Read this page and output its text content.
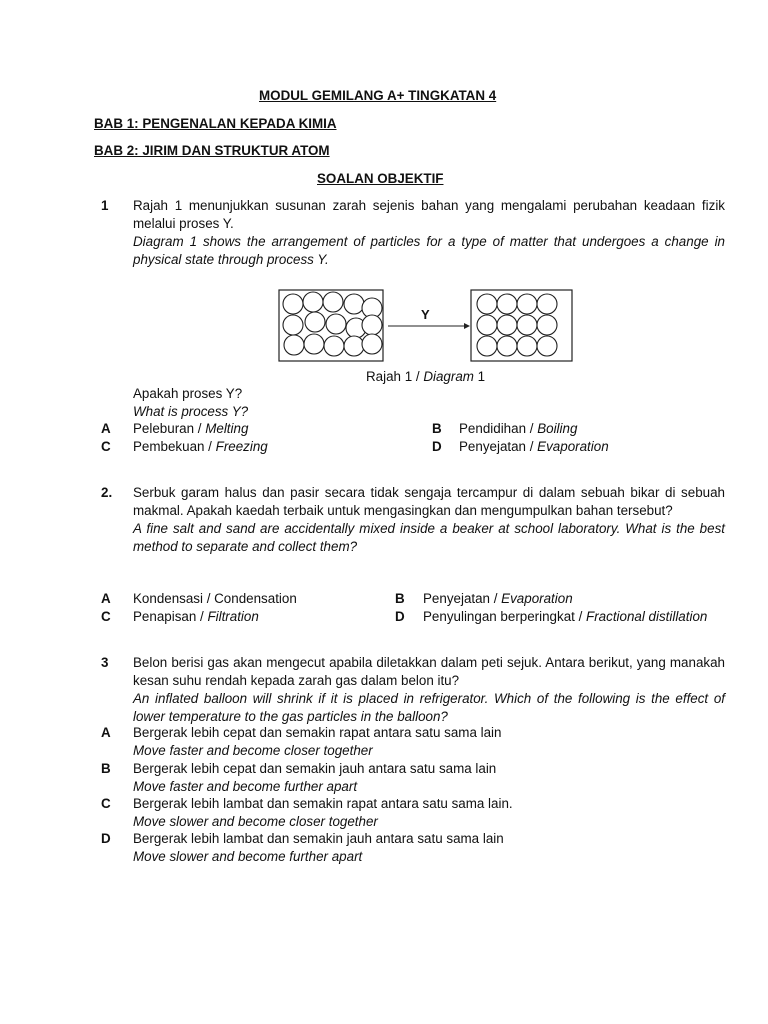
MODUL GEMILANG A+ TINGKATAN 4
BAB 1: PENGENALAN KEPADA KIMIA
BAB 2: JIRIM DAN STRUKTUR ATOM
SOALAN OBJEKTIF
1 Rajah 1 menunjukkan susunan zarah sejenis bahan yang mengalami perubahan keadaan fizik melalui proses Y.
Diagram 1 shows the arrangement of particles for a type of matter that undergoes a change in physical state through process Y.
Y
Rajah 1 / Diagram 1
Apakah proses Y?
What is process Y?
A Peleburan / Melting	B Pendidihan / Boiling
C Pembekuan / Freezing	D Penyejatan / Evaporation
2. Serbuk garam halus dan pasir secara tidak sengaja tercampur di dalam sebuah bikar di sebuah makmal. Apakah kaedah terbaik untuk mengasingkan dan mengumpulkan bahan tersebut?
A fine salt and sand are accidentally mixed inside a beaker at school laboratory. What is the best method to separate and collect them?
A Kondensasi / Condensation	B Penyejatan / Evaporation
C Penapisan / Filtration	D Penyulingan berperingkat / Fractional distillation
3 Belon berisi gas akan mengecut apabila diletakkan dalam peti sejuk. Antara berikut, yang manakah kesan suhu rendah kepada zarah gas dalam belon itu?
An inflated balloon will shrink if it is placed in refrigerator. Which of the following is the effect of lower temperature to the gas particles in the balloon?
A Bergerak lebih cepat dan semakin rapat antara satu sama lain
Move faster and become closer together
B Bergerak lebih cepat dan semakin jauh antara satu sama lain
Move faster and become further apart
C Bergerak lebih lambat dan semakin rapat antara satu sama lain.
Move slower and become closer together
D Bergerak lebih lambat dan semakin jauh antara satu sama lain
Move slower and become further apart
